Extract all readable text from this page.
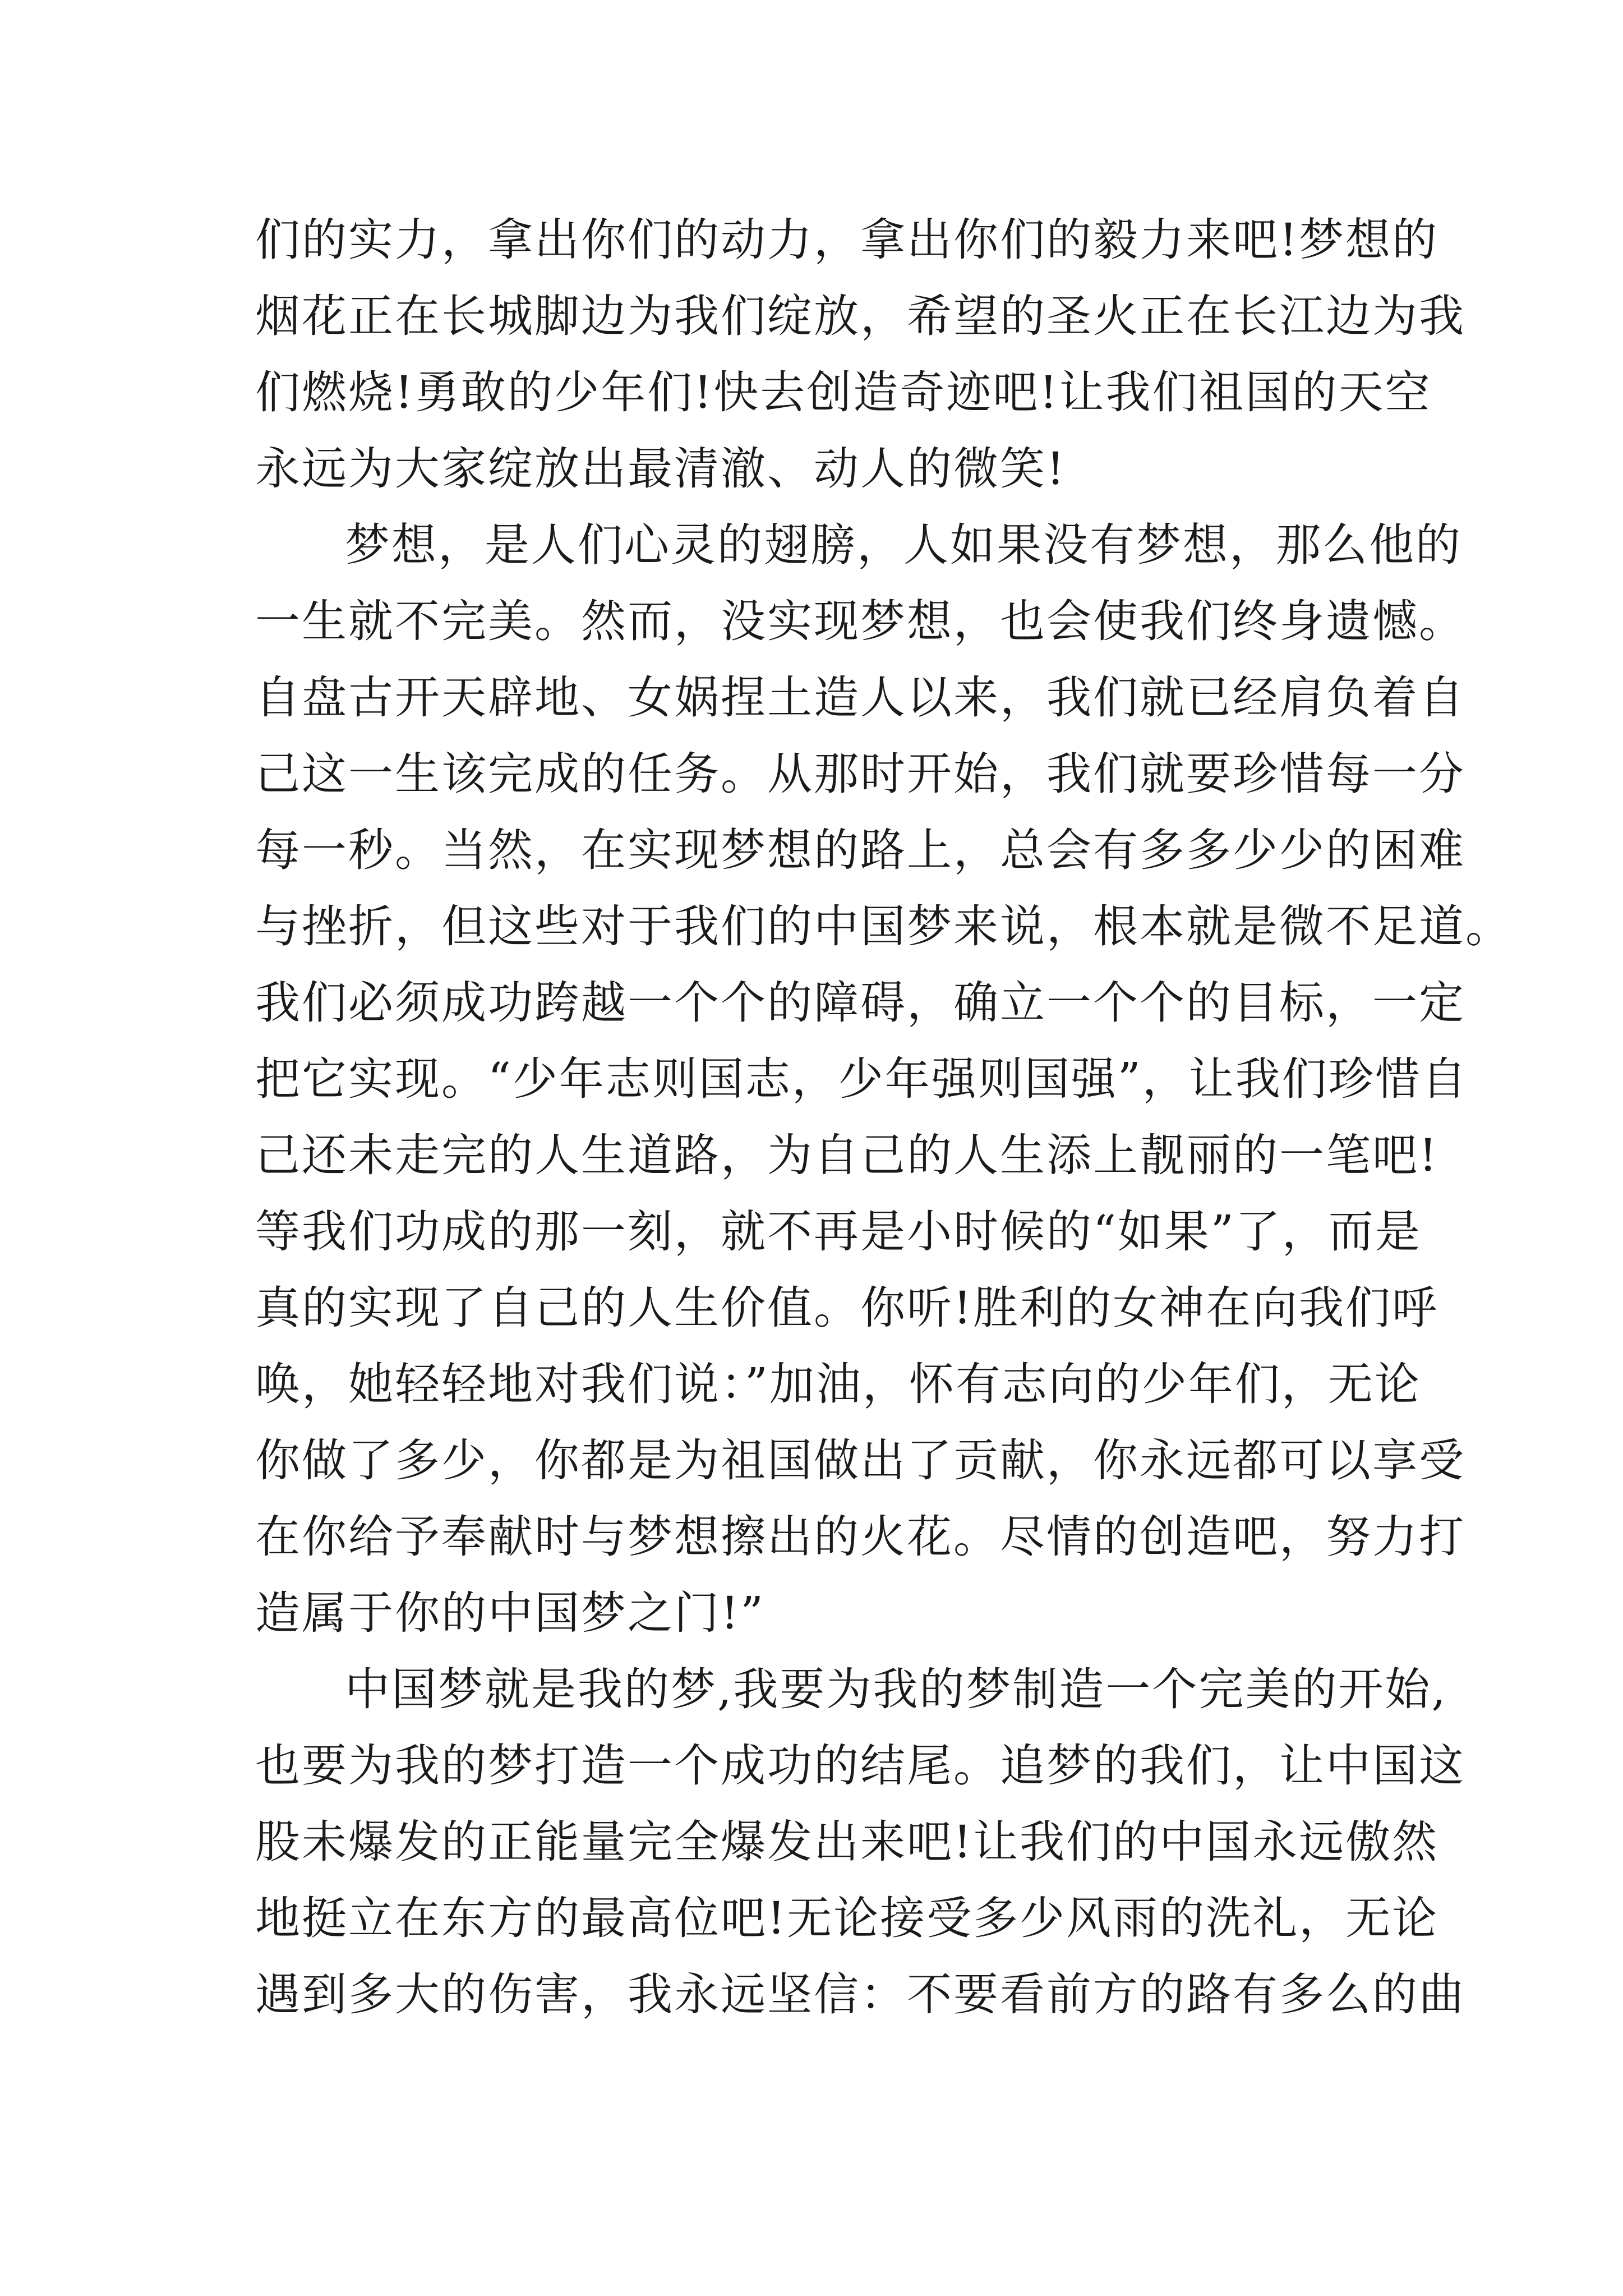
们的实力，拿出你们的动力，拿出你们的毅力来吧!梦想的
烟花正在长城脚边为我们绽放，希望的圣火正在长江边为我
们燃烧!勇敢的少年们!快去创造奇迹吧!让我们祖国的天空
永远为大家绽放出最清澈、动人的微笑!
梦想，是人们心灵的翅膀，人如果没有梦想，那么他的
一生就不完美。然而，没实现梦想，也会使我们终身遗憾。
自盘古开天辟地、女娲捏土造人以来，我们就已经肩负着自
己这一生该完成的任务。从那时开始，我们就要珍惜每一分
每一秒。当然，在实现梦想的路上，总会有多多少少的困难
与挫折，但这些对于我们的中国梦来说，根本就是微不足道。
我们必须成功跨越一个个的障碍，确立一个个的目标，一定
把它实现。“少年志则国志，少年强则国强”，让我们珍惜自
己还未走完的人生道路，为自己的人生添上靓丽的一笔吧!
等我们功成的那一刻，就不再是小时候的“如果”了，而是
真的实现了自己的人生价值。你听!胜利的女神在向我们呼
唤，她轻轻地对我们说：”加油，怀有志向的少年们，无论
你做了多少，你都是为祖国做出了贡献，你永远都可以享受
在你给予奉献时与梦想擦出的火花。尽情的创造吧，努力打
造属于你的中国梦之门!”
中国梦就是我的梦,我要为我的梦制造一个完美的开始,
也要为我的梦打造一个成功的结尾。追梦的我们，让中国这
股未爆发的正能量完全爆发出来吧!让我们的中国永远傲然
地挺立在东方的最高位吧!无论接受多少风雨的洗礼，无论
遇到多大的伤害，我永远坚信：不要看前方的路有多么的曲
